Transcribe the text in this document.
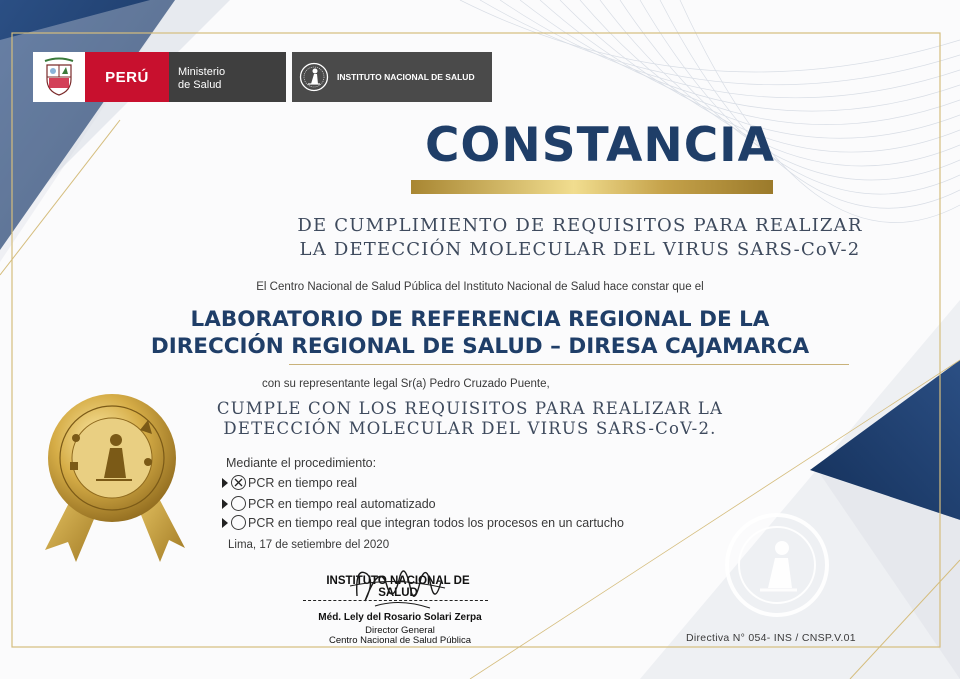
PERÚ	Ministerio
de Salud
INSTITUTO NACIONAL DE SALUD
CONSTANCIA
DE CUMPLIMIENTO DE REQUISITOS PARA REALIZAR
LA DETECCIÓN MOLECULAR DEL VIRUS SARS-CoV-2
El Centro Nacional de Salud Pública del Instituto Nacional de Salud hace constar que el
LABORATORIO DE REFERENCIA REGIONAL DE LA
DIRECCIÓN REGIONAL DE SALUD – DIRESA CAJAMARCA
con su representante legal Sr(a) Pedro Cruzado Puente,
CUMPLE CON LOS REQUISITOS PARA REALIZAR LA
DETECCIÓN MOLECULAR DEL VIRUS SARS-CoV-2.
Mediante el procedimiento:
PCR en tiempo real
PCR en tiempo real automatizado
PCR en tiempo real que integran todos los procesos en un cartucho
Lima, 17 de setiembre del 2020
INSTITUTO NACIONAL DE SALUD
Méd. Lely del Rosario Solari Zerpa
Director General
Centro Nacional de Salud Pública	Directiva N° 054- INS / CNSP.V.01
